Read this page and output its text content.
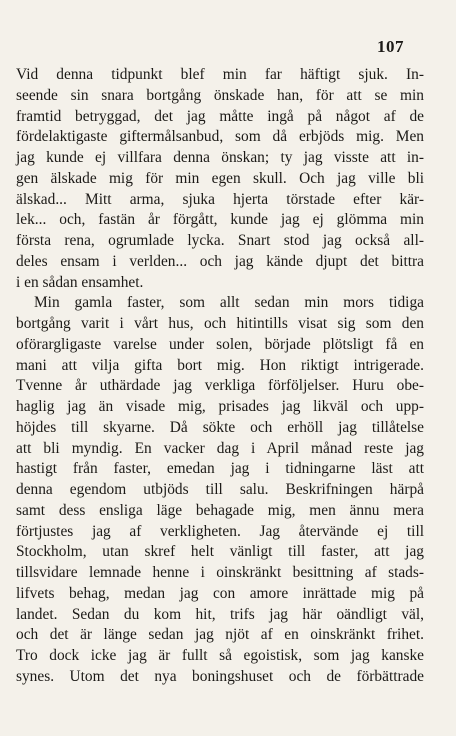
107
Vid denna tidpunkt blef min far häftigt sjuk. In-
seende sin snara bortgång önskade han, för att se min
framtid betryggad, det jag måtte ingå på något af de
fördelaktigaste giftermålsanbud, som då erbjöds mig. Men
jag kunde ej villfara denna önskan; ty jag visste att in-
gen älskade mig för min egen skull. Och jag ville bli
älskad... Mitt arma, sjuka hjerta törstade efter kär-
lek... och, fastän år förgått, kunde jag ej glömma min
första rena, ogrumlade lycka. Snart stod jag också all-
deles ensam i verlden... och jag kände djupt det bittra
i en sådan ensamhet.
Min gamla faster, som allt sedan min mors tidiga
bortgång varit i vårt hus, och hitintills visat sig som den
oförargligaste varelse under solen, började plötsligt få en
mani att vilja gifta bort mig. Hon riktigt intrigerade.
Tvenne år uthärdade jag verkliga förföljelser. Huru obe-
haglig jag än visade mig, prisades jag likväl och upp-
höjdes till skyarne. Då sökte och erhöll jag tillåtelse
att bli myndig. En vacker dag i April månad reste jag
hastigt från faster, emedan jag i tidningarne läst att
denna egendom utbjöds till salu. Beskrifningen härpå
samt dess ensliga läge behagade mig, men ännu mera
förtjustes jag af verkligheten. Jag återvände ej till
Stockholm, utan skref helt vänligt till faster, att jag
tillsvidare lemnade henne i oinskränkt besittning af stads-
lifvets behag, medan jag con amore inrättade mig på
landet. Sedan du kom hit, trifs jag här oändligt väl,
och det är länge sedan jag njöt af en oinskränkt frihet.
Tro dock icke jag är fullt så egoistisk, som jag kanske
synes. Utom det nya boningshuset och de förbättrade
